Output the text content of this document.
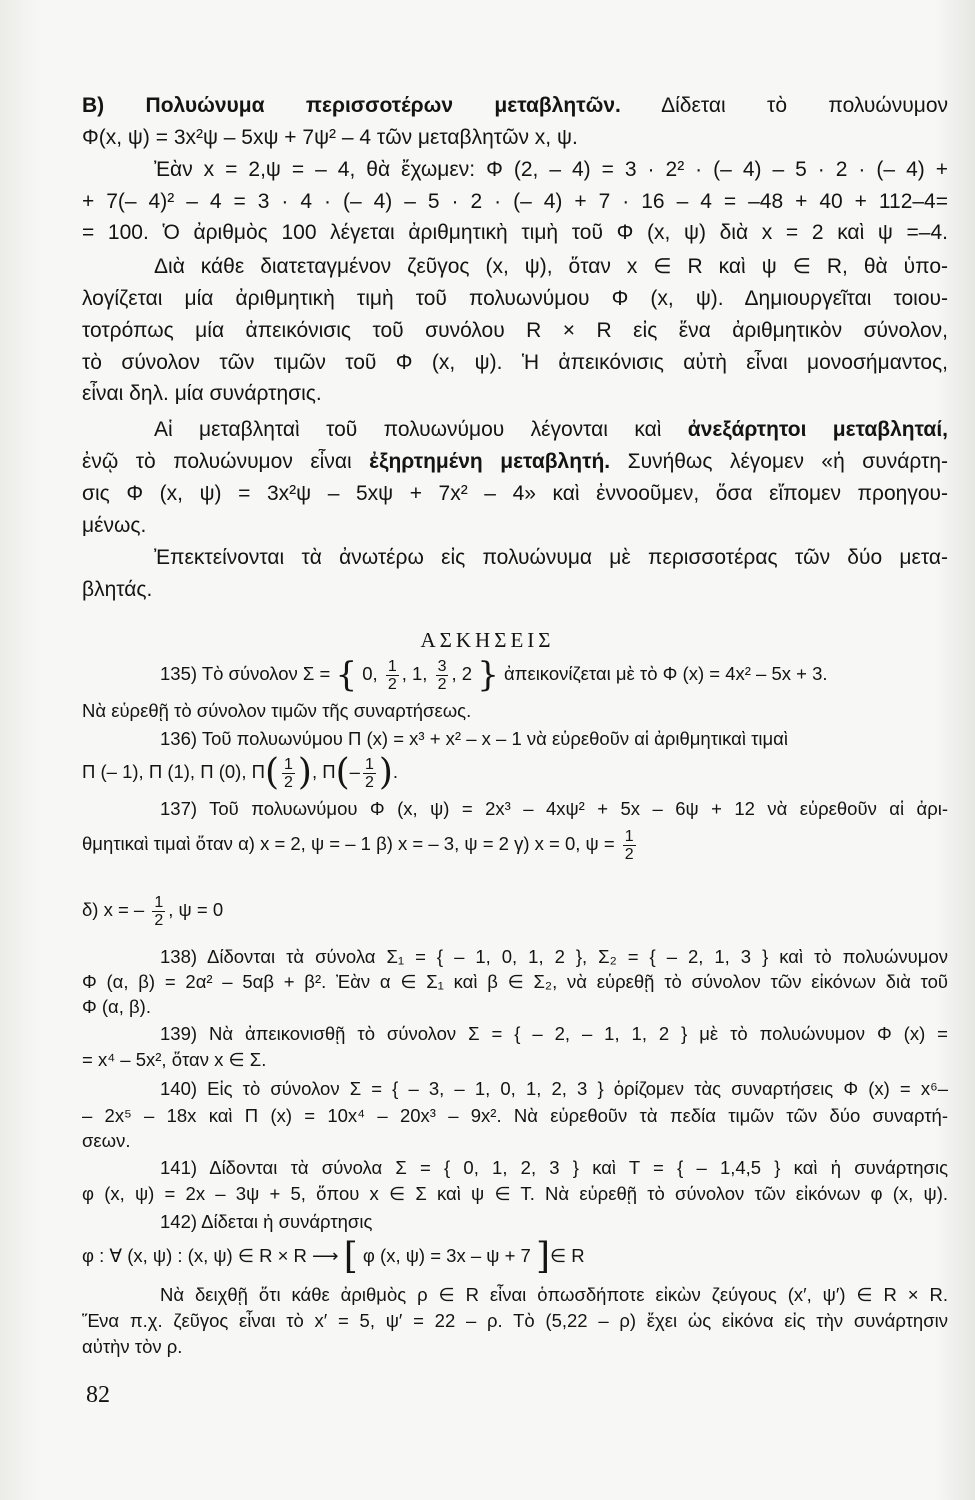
Β) Πολυώνυμα περισσοτέρων μεταβλητῶν. Δίδεται τὸ πολυώνυμον
Φ(x, ψ) = 3x²ψ – 5xψ + 7ψ² – 4 τῶν μεταβλητῶν x, ψ.
Ἐὰν x = 2,ψ = – 4, θὰ ἔχωμεν: Φ (2, – 4) = 3 · 2² · (– 4) – 5 · 2 · (– 4) +
+ 7(– 4)² – 4 = 3 · 4 · (– 4) – 5 · 2 · (– 4) + 7 · 16 – 4 = –48 + 40 + 112–4=
= 100. Ὁ ἀριθμὸς 100 λέγεται ἀριθμητικὴ τιμὴ τοῦ Φ (x, ψ) διὰ x = 2 καὶ ψ =–4.
Διὰ κάθε διατεταγμένον ζεῦγος (x, ψ), ὅταν x ∈ R καὶ ψ ∈ R, θὰ ὑπο-
λογίζεται μία ἀριθμητικὴ τιμὴ τοῦ πολυωνύμου Φ (x, ψ). Δημιουργεῖται τοιου-
τοτρόπως μία ἀπεικόνισις τοῦ συνόλου R × R εἰς ἕνα ἀριθμητικὸν σύνολον,
τὸ σύνολον τῶν τιμῶν τοῦ Φ (x, ψ). Ἡ ἀπεικόνισις αὐτὴ εἶναι μονοσήμαντος,
εἶναι δηλ. μία συνάρτησις.
Αἱ μεταβληταὶ τοῦ πολυωνύμου λέγονται καὶ ἀνεξάρτητοι μεταβληταί,
ἐνῷ τὸ πολυώνυμον εἶναι ἐξηρτημένη μεταβλητή. Συνήθως λέγομεν «ἡ συνάρτη-
σις Φ (x, ψ) = 3x²ψ – 5xψ + 7x² – 4» καὶ ἐννοοῦμεν, ὅσα εἴπομεν προηγου-
μένως.
Ἐπεκτείνονται τὰ ἀνωτέρω εἰς πολυώνυμα μὲ περισσοτέρας τῶν δύο μετα-
βλητάς.
ΑΣΚΗΣΕΙΣ
135) Τὸ σύνολον Σ = { 0, $\frac{1}{2}$ , 1, $\frac{3}{2}$ , 2 } ἀπεικονίζεται μὲ τὸ Φ (x) = 4x² – 5x + 3.
Νὰ εὑρεθῇ τὸ σύνολον τιμῶν τῆς συναρτήσεως.
136) Τοῦ πολυωνύμου Π (x) = x³ + x² – x – 1 νὰ εὑρεθοῦν αἱ ἀριθμητικαὶ τιμαὶ
Π (– 1), Π (1), Π (0), $\Pi( \frac{1}{2}$ ), $\Pi(- \frac{1}{2}$ ).
137) Τοῦ πολυωνύμου Φ (x, ψ) = 2x³ – 4xψ² + 5x – 6ψ + 12 νὰ εὑρεθοῦν αἱ ἀρι-
θμητικαὶ τιμαὶ ὅταν α) x = 2, ψ = – 1 β) x = – 3, ψ = 2 γ) x = 0, $\psi = \frac{1}{2}$
δ) x = – $\frac{1}{2}$ , ψ = 0
138) Δίδονται τὰ σύνολα Σ₁ = { – 1, 0, 1, 2 }, Σ₂ = { – 2, 1, 3 } καὶ τὸ πολυώνυμον
Φ (α, β) = 2α² – 5αβ + β². Ἐὰν α ∈ Σ₁ καὶ β ∈ Σ₂, νὰ εὑρεθῇ τὸ σύνολον τῶν εἰκόνων διὰ τοῦ
Φ (α, β).
139) Νὰ ἀπεικονισθῇ τὸ σύνολον Σ = { – 2, – 1, 1, 2 } μὲ τὸ πολυώνυμον Φ (x) =
= x⁴ – 5x², ὅταν x ∈ Σ.
140) Εἰς τὸ σύνολον Σ = { – 3, – 1, 0, 1, 2, 3 } ὁρίζομεν τὰς συναρτήσεις Φ (x) = x⁶–
– 2x⁵ – 18x καὶ Π (x) = 10x⁴ – 20x³ – 9x². Νὰ εὑρεθοῦν τὰ πεδία τιμῶν τῶν δύο συναρτή-
σεων.
141) Δίδονται τὰ σύνολα Σ = { 0, 1, 2, 3 } καὶ Τ = { – 1,4,5 } καὶ ἡ συνάρτησις
φ (x, ψ) = 2x – 3ψ + 5, ὅπου x ∈ Σ καὶ ψ ∈ Τ. Νὰ εὑρεθῇ τὸ σύνολον τῶν εἰκόνων φ (x, ψ).
142) Δίδεται ἡ συνάρτησις
φ : ∀ (x, ψ) : (x, ψ) ∈ R × R ⟶ [ φ (x, ψ) = 3x – ψ + 7 ]∈ R
Νὰ δειχθῇ ὅτι κάθε ἀριθμὸς ρ ∈ R εἶναι ὁπωσδήποτε εἰκὼν ζεύγους (x′, ψ′) ∈ R × R.
Ἕνα π.χ. ζεῦγος εἶναι τὸ x′ = 5, ψ′ = 22 – ρ. Τὸ (5,22 – ρ) ἔχει ὡς εἰκόνα εἰς τὴν συνάρτησιν
αὐτὴν τὸν ρ.
82
